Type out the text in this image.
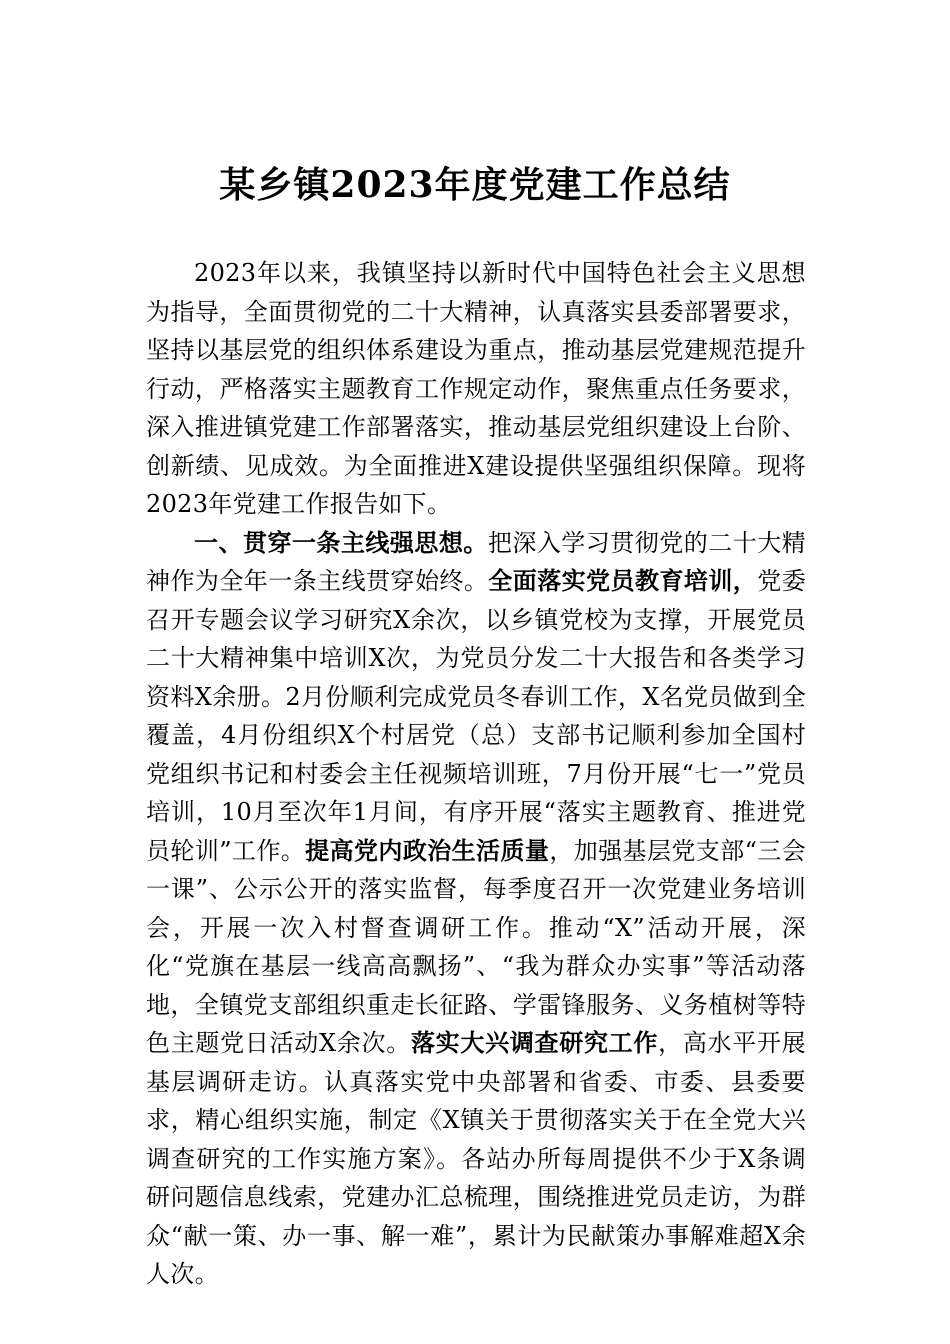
某乡镇2023年度党建工作总结

2023年以来，我镇坚持以新时代中国特色社会主义思想为指导，全面贯彻党的二十大精神，认真落实县委部署要求，坚持以基层党的组织体系建设为重点，推动基层党建规范提升行动，严格落实主题教育工作规定动作，聚焦重点任务要求，深入推进镇党建工作部署落实，推动基层党组织建设上台阶、创新绩、见成效。为全面推进X建设提供坚强组织保障。现将2023年党建工作报告如下。

一、贯穿一条主线强思想。把深入学习贯彻党的二十大精神作为全年一条主线贯穿始终。全面落实党员教育培训，党委召开专题会议学习研究X余次，以乡镇党校为支撑，开展党员二十大精神集中培训X次，为党员分发二十大报告和各类学习资料X余册。2月份顺利完成党员冬春训工作，X名党员做到全覆盖，4月份组织X个村居党（总）支部书记顺利参加全国村党组织书记和村委会主任视频培训班，7月份开展“七一”党员培训，10月至次年1月间，有序开展“落实主题教育、推进党员轮训”工作。提高党内政治生活质量，加强基层党支部“三会一课”、公示公开的落实监督，每季度召开一次党建业务培训会，开展一次入村督查调研工作。推动“X”活动开展，深化“党旗在基层一线高高飘扬”、“我为群众办实事”等活动落地，全镇党支部组织重走长征路、学雷锋服务、义务植树等特色主题党日活动X余次。落实大兴调查研究工作，高水平开展基层调研走访。认真落实党中央部署和省委、市委、县委要求，精心组织实施，制定《X镇关于贯彻落实关于在全党大兴调查研究的工作实施方案》。各站办所每周提供不少于X条调研问题信息线索，党建办汇总梳理，围绕推进党员走访，为群众“献一策、办一事、解一难”，累计为民献策办事解难超X余人次。
